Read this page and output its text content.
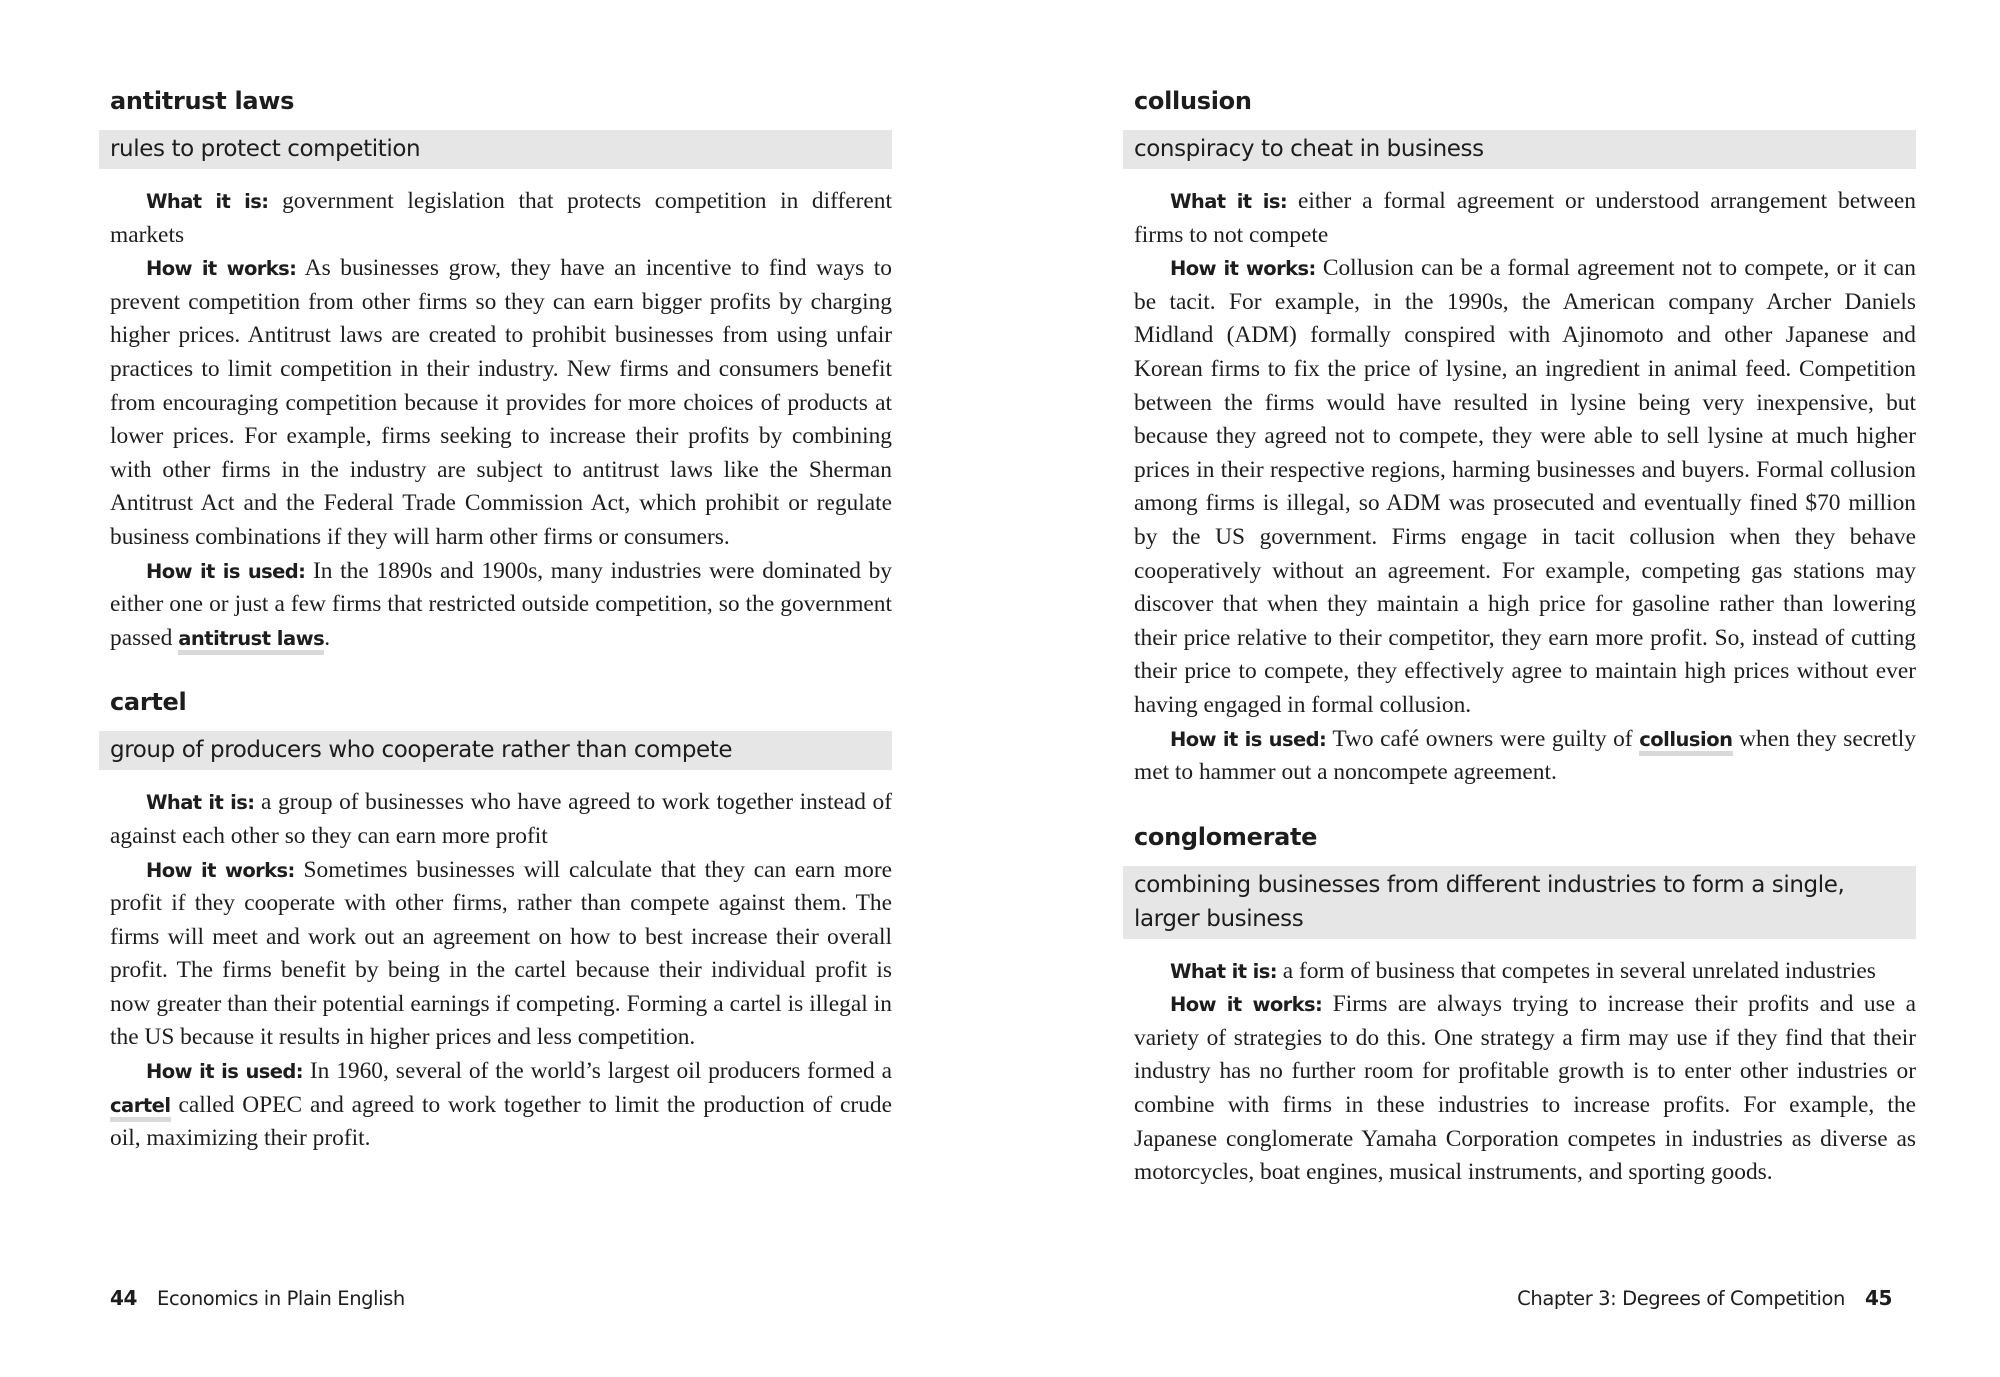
antitrust laws
rules to protect competition

What it is: government legislation that protects competition in different markets

How it works: As businesses grow, they have an incentive to find ways to prevent competition from other firms so they can earn bigger profits by charging higher prices. Antitrust laws are created to prohibit businesses from using unfair practices to limit competition in their industry. New firms and consumers benefit from encouraging competition because it provides for more choices of products at lower prices. For example, firms seeking to increase their profits by combining with other firms in the industry are subject to antitrust laws like the Sherman Antitrust Act and the Federal Trade Commission Act, which prohibit or regulate business combinations if they will harm other firms or consumers.

How it is used: In the 1890s and 1900s, many industries were dominated by either one or just a few firms that restricted outside competition, so the government passed antitrust laws.

cartel
group of producers who cooperate rather than compete

What it is: a group of businesses who have agreed to work together instead of against each other so they can earn more profit

How it works: Sometimes businesses will calculate that they can earn more profit if they cooperate with other firms, rather than compete against them. The firms will meet and work out an agreement on how to best increase their overall profit. The firms benefit by being in the cartel because their individual profit is now greater than their potential earnings if competing. Forming a cartel is illegal in the US because it results in higher prices and less competition.

How it is used: In 1960, several of the world’s largest oil producers formed a cartel called OPEC and agreed to work together to limit the production of crude oil, maximizing their profit.

44 Economics in Plain English
collusion
conspiracy to cheat in business

What it is: either a formal agreement or understood arrangement between firms to not compete

How it works: Collusion can be a formal agreement not to compete, or it can be tacit. For example, in the 1990s, the American company Archer Daniels Midland (ADM) formally conspired with Ajinomoto and other Japanese and Korean firms to fix the price of lysine, an ingredient in animal feed. Competition between the firms would have resulted in lysine being very inexpensive, but because they agreed not to compete, they were able to sell lysine at much higher prices in their respective regions, harming businesses and buyers. Formal collusion among firms is illegal, so ADM was prosecuted and eventually fined $70 million by the US government. Firms engage in tacit collusion when they behave cooperatively without an agreement. For example, competing gas stations may discover that when they maintain a high price for gasoline rather than lowering their price relative to their competitor, they earn more profit. So, instead of cutting their price to compete, they effectively agree to maintain high prices without ever having engaged in formal collusion.

How it is used: Two café owners were guilty of collusion when they secretly met to hammer out a noncompete agreement.

conglomerate
combining businesses from different industries to form a single, larger business

What it is: a form of business that competes in several unrelated industries

How it works: Firms are always trying to increase their profits and use a variety of strategies to do this. One strategy a firm may use if they find that their industry has no further room for profitable growth is to enter other industries or combine with firms in these industries to increase profits. For example, the Japanese conglomerate Yamaha Corporation competes in industries as diverse as motorcycles, boat engines, musical instruments, and sporting goods.

Chapter 3: Degrees of Competition 45
